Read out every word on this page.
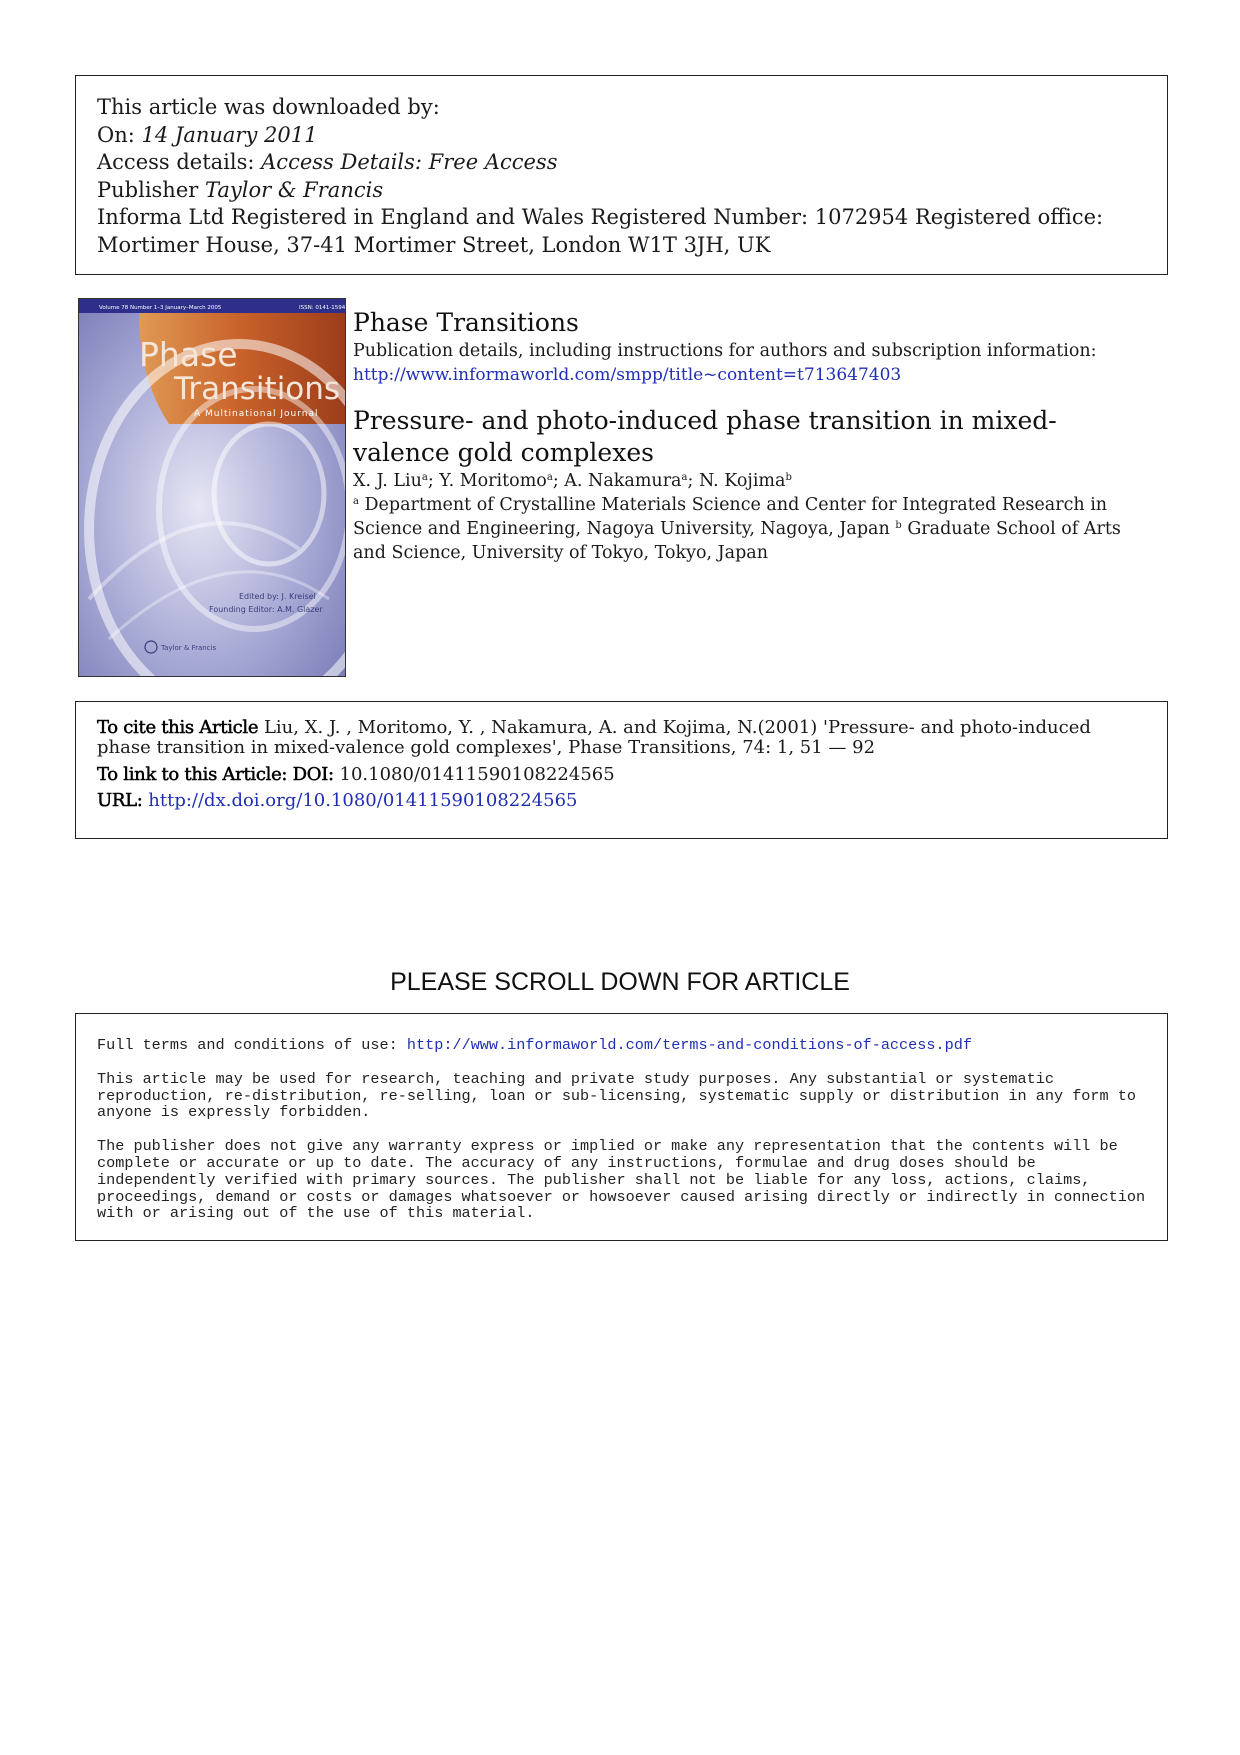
This article was downloaded by:
On: 14 January 2011
Access details: Access Details: Free Access
Publisher Taylor & Francis
Informa Ltd Registered in England and Wales Registered Number: 1072954 Registered office: Mortimer House, 37-41 Mortimer Street, London W1T 3JH, UK
Volume 78 Number 1–3 January–March 2005	ISSN: 0141-1594
Phase
Transitions
A Multinational Journal
Edited by: J. Kreisel
Founding Editor: A.M. Glazer
Taylor & Francis
Phase Transitions
Publication details, including instructions for authors and subscription information:
http://www.informaworld.com/smpp/title~content=t713647403
Pressure- and photo-induced phase transition in mixed-valence gold complexes
X. J. Liu$^a$; Y. Moritomo$^a$; A. Nakamura$^a$; N. Kojima$^b$
$^a$ Department of Crystalline Materials Science and Center for Integrated Research in Science and Engineering, Nagoya University, Nagoya, Japan $^b$ Graduate School of Arts and Science, University of Tokyo, Tokyo, Japan
To cite this Article Liu, X. J. , Moritomo, Y. , Nakamura, A. and Kojima, N.(2001) 'Pressure- and photo-induced phase transition in mixed-valence gold complexes', Phase Transitions, 74: 1, 51 — 92
To link to this Article: DOI: 10.1080/01411590108224565
URL: http://dx.doi.org/10.1080/01411590108224565
PLEASE SCROLL DOWN FOR ARTICLE

Full terms and conditions of use: http://www.informaworld.com/terms-and-conditions-of-access.pdf

This article may be used for research, teaching and private study purposes. Any substantial or systematic reproduction, re-distribution, re-selling, loan or sub-licensing, systematic supply or distribution in any form to anyone is expressly forbidden.

The publisher does not give any warranty express or implied or make any representation that the contents will be complete or accurate or up to date. The accuracy of any instructions, formulae and drug doses should be independently verified with primary sources. The publisher shall not be liable for any loss, actions, claims, proceedings, demand or costs or damages whatsoever or howsoever caused arising directly or indirectly in connection with or arising out of the use of this material.
